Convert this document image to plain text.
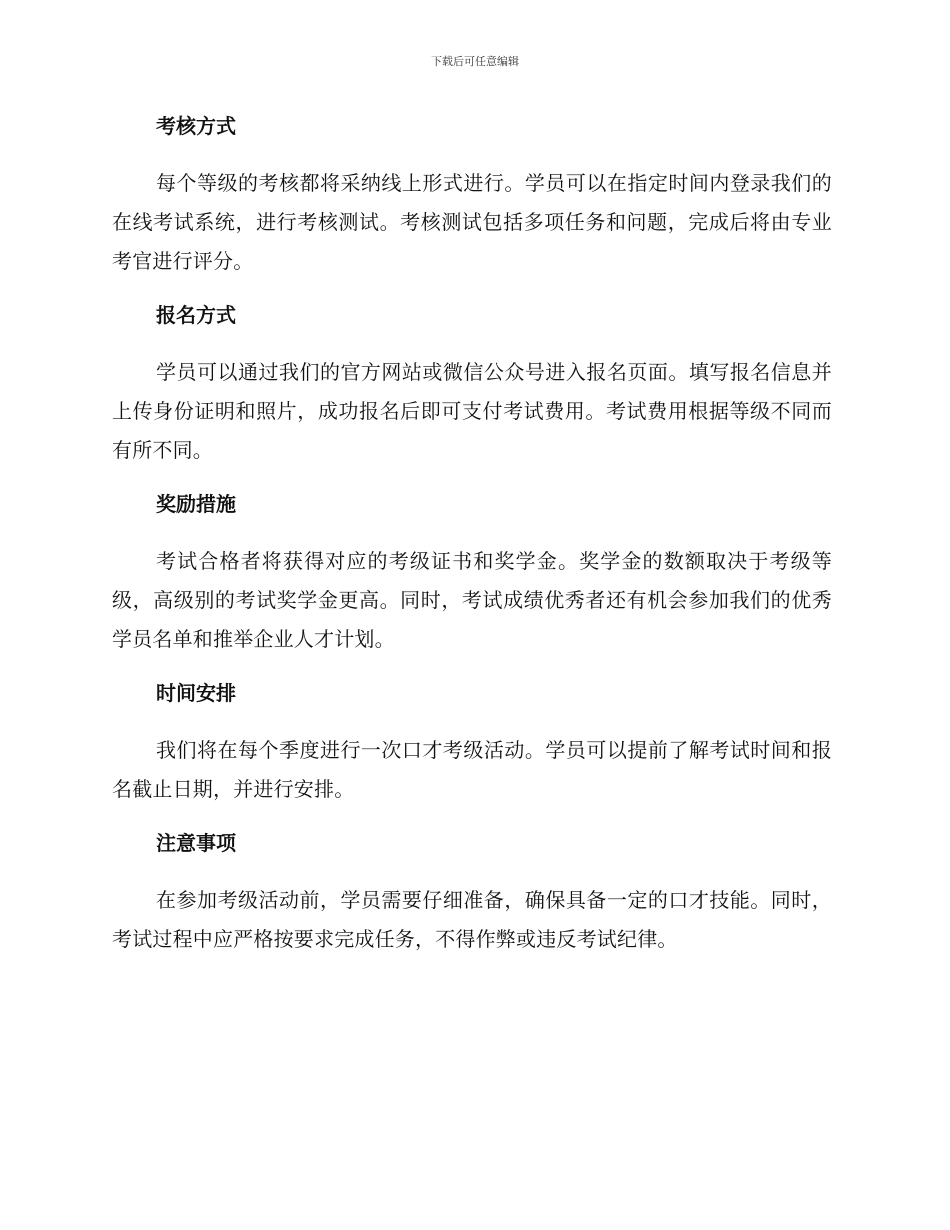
下载后可任意编辑
考核方式

每个等级的考核都将采纳线上形式进行。学员可以在指定时间内登录我们的在线考试系统，进行考核测试。考核测试包括多项任务和问题，完成后将由专业考官进行评分。

报名方式

学员可以通过我们的官方网站或微信公众号进入报名页面。填写报名信息并上传身份证明和照片，成功报名后即可支付考试费用。考试费用根据等级不同而有所不同。

奖励措施

考试合格者将获得对应的考级证书和奖学金。奖学金的数额取决于考级等级，高级别的考试奖学金更高。同时，考试成绩优秀者还有机会参加我们的优秀学员名单和推举企业人才计划。

时间安排

我们将在每个季度进行一次口才考级活动。学员可以提前了解考试时间和报名截止日期，并进行安排。

注意事项

在参加考级活动前，学员需要仔细准备，确保具备一定的口才技能。同时，考试过程中应严格按要求完成任务，不得作弊或违反考试纪律。
